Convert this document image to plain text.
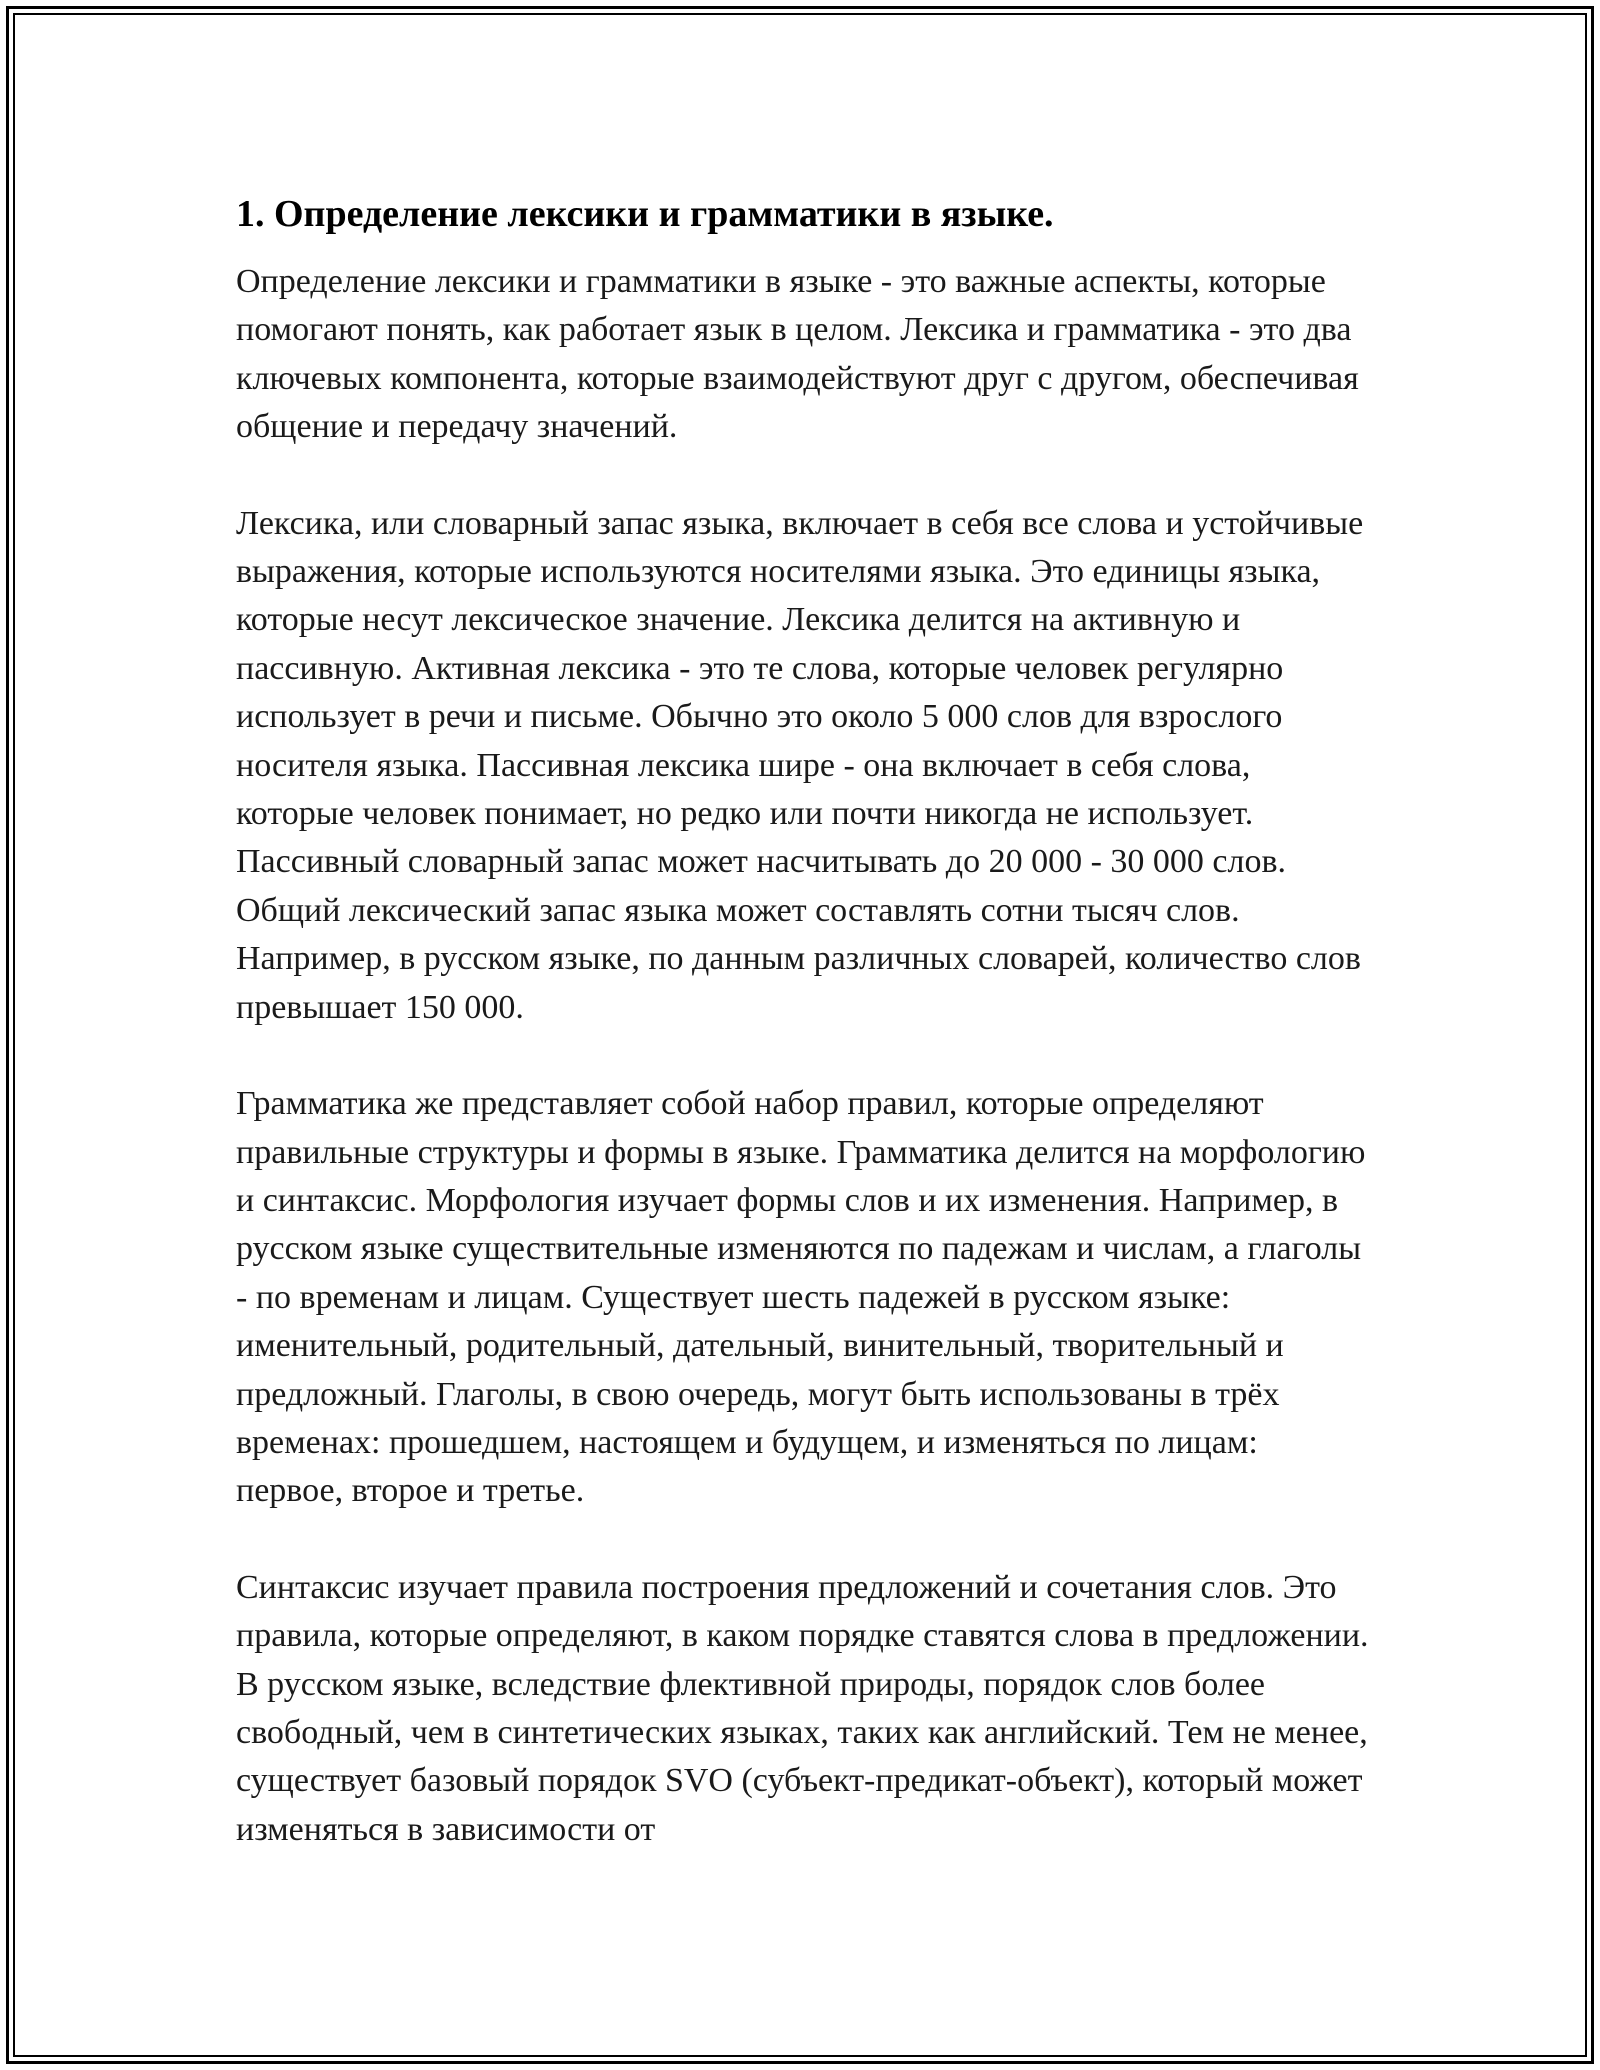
1. Определение лексики и грамматики в языке.

Определение лексики и грамматики в языке - это важные аспекты, которые помогают понять, как работает язык в целом. Лексика и грамматика - это два ключевых компонента, которые взаимодействуют друг с другом, обеспечивая общение и передачу значений.

Лексика, или словарный запас языка, включает в себя все слова и устойчивые выражения, которые используются носителями языка. Это единицы языка, которые несут лексическое значение. Лексика делится на активную и пассивную. Активная лексика - это те слова, которые человек регулярно использует в речи и письме. Обычно это около 5 000 слов для взрослого носителя языка. Пассивная лексика шире - она включает в себя слова, которые человек понимает, но редко или почти никогда не использует. Пассивный словарный запас может насчитывать до 20 000 - 30 000 слов. Общий лексический запас языка может составлять сотни тысяч слов. Например, в русском языке, по данным различных словарей, количество слов превышает 150 000.

Грамматика же представляет собой набор правил, которые определяют правильные структуры и формы в языке. Грамматика делится на морфологию и синтаксис. Морфология изучает формы слов и их изменения. Например, в русском языке существительные изменяются по падежам и числам, а глаголы - по временам и лицам. Существует шесть падежей в русском языке: именительный, родительный, дательный, винительный, творительный и предложный. Глаголы, в свою очередь, могут быть использованы в трёх временах: прошедшем, настоящем и будущем, и изменяться по лицам: первое, второе и третье.

Синтаксис изучает правила построения предложений и сочетания слов. Это правила, которые определяют, в каком порядке ставятся слова в предложении. В русском языке, вследствие флективной природы, порядок слов более свободный, чем в синтетических языках, таких как английский. Тем не менее, существует базовый порядок SVO (субъект-предикат-объект), который может изменяться в зависимости от
